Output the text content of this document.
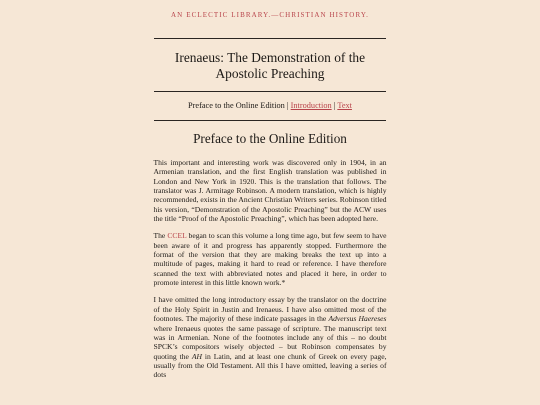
AN ECLECTIC LIBRARY.—CHRISTIAN HISTORY.
Irenaeus: The Demonstration of the Apostolic Preaching
Preface to the Online Edition | Introduction | Text
Preface to the Online Edition

This important and interesting work was discovered only in 1904, in an Armenian translation, and the first English translation was published in London and New York in 1920. This is the translation that follows. The translator was J. Armitage Robinson. A modern translation, which is highly recommended, exists in the Ancient Christian Writers series. Robinson titled his version, “Demonstration of the Apostolic Preaching” but the ACW uses the title “Proof of the Apostolic Preaching”, which has been adopted here.

The CCEL began to scan this volume a long time ago, but few seem to have been aware of it and progress has apparently stopped. Furthermore the format of the version that they are making breaks the text up into a multitude of pages, making it hard to read or reference. I have therefore scanned the text with abbreviated notes and placed it here, in order to promote interest in this little known work.*

I have omitted the long introductory essay by the translator on the doctrine of the Holy Spirit in Justin and Irenaeus. I have also omitted most of the footnotes. The majority of these indicate passages in the Adversus Haereses where Irenaeus quotes the same passage of scripture. The manuscript text was in Armenian. None of the footnotes include any of this – no doubt SPCK’s compositors wisely objected – but Robinson compensates by quoting the AH in Latin, and at least one chunk of Greek on every page, usually from the Old Testament. All this I have omitted, leaving a series of dots
